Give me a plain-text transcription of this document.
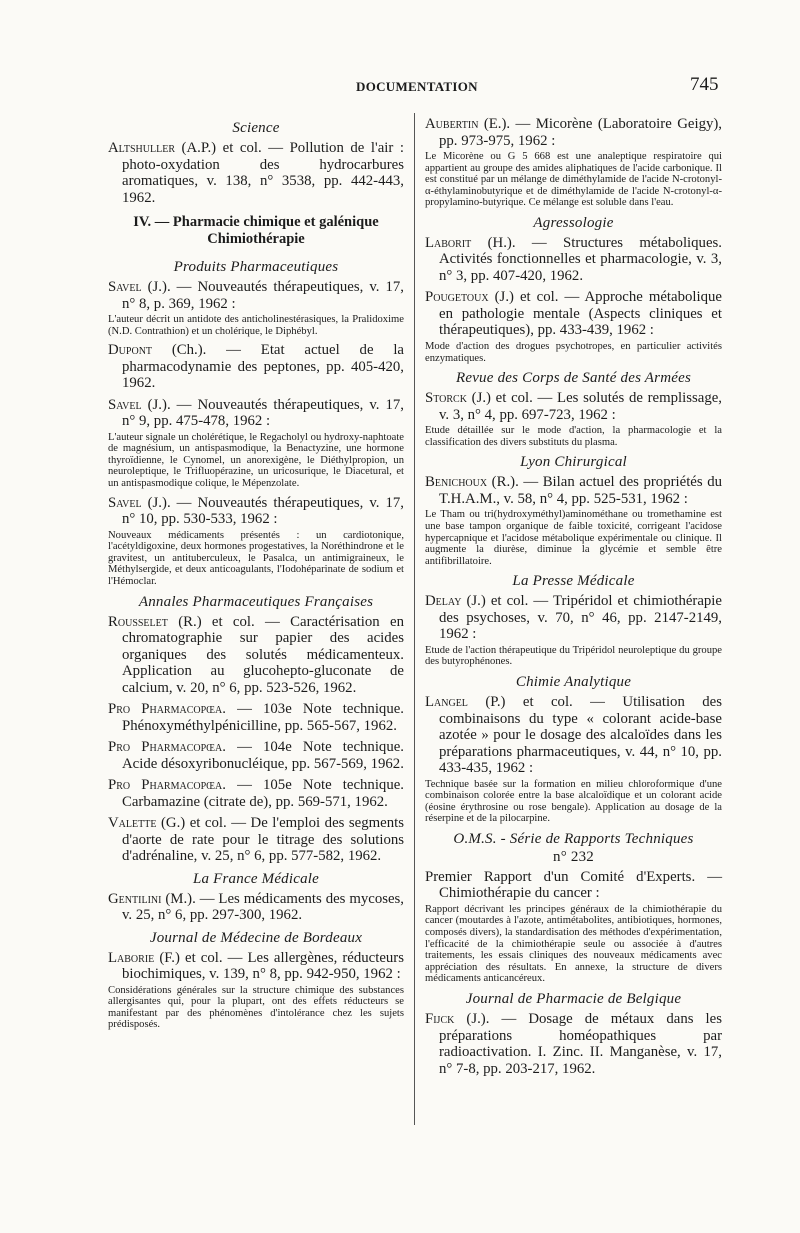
DOCUMENTATION	745
Science
Altshuller (A.P.) et col. — Pollution de l'air : photo-oxydation des hydrocarbures aromatiques, v. 138, n° 3538, pp. 442-443, 1962.
IV. — Pharmacie chimique et galénique
Chimiothérapie
Produits Pharmaceutiques
Savel (J.). — Nouveautés thérapeutiques, v. 17, n° 8, p. 369, 1962 :
L'auteur décrit un antidote des anticholinestérasiques, la Pralidoxime (N.D. Contrathion) et un cholérique, le Diphébyl.
Dupont (Ch.). — Etat actuel de la pharmacodynamie des peptones, pp. 405-420, 1962.
Savel (J.). — Nouveautés thérapeutiques, v. 17, n° 9, pp. 475-478, 1962 :
L'auteur signale un cholérétique, le Regacholyl ou hydroxy-naphtoate de magnésium, un antispasmodique, la Benactyzine, une hormone thyroïdienne, le Cynomel, un anorexigène, le Diéthylpropion, un neuroleptique, le Trifluopérazine, un uricosurique, le Diacetural, et un antispasmodique colique, le Mépenzolate.
Savel (J.). — Nouveautés thérapeutiques, v. 17, n° 10, pp. 530-533, 1962 :
Nouveaux médicaments présentés : un cardiotonique, l'acétyldigoxine, deux hormones progestatives, la Noréthindrone et le gravitest, un antituberculeux, le Pasalca, un antimigraineux, le Méthylsergide, et deux anticoagulants, l'Iodohéparinate de sodium et l'Hémoclar.
Annales Pharmaceutiques Françaises
Rousselet (R.) et col. — Caractérisation en chromatographie sur papier des acides organiques des solutés médicamenteux. Application au glucohepto-gluconate de calcium, v. 20, n° 6, pp. 523-526, 1962.
Pro Pharmacopœa. — 103e Note technique. Phénoxyméthylpénicilline, pp. 565-567, 1962.
Pro Pharmacopœa. — 104e Note technique. Acide désoxyribonucléique, pp. 567-569, 1962.
Pro Pharmacopœa. — 105e Note technique. Carbamazine (citrate de), pp. 569-571, 1962.
Valette (G.) et col. — De l'emploi des segments d'aorte de rate pour le titrage des solutions d'adrénaline, v. 25, n° 6, pp. 577-582, 1962.
La France Médicale
Gentilini (M.). — Les médicaments des mycoses, v. 25, n° 6, pp. 297-300, 1962.
Journal de Médecine de Bordeaux
Laborie (F.) et col. — Les allergènes, réducteurs biochimiques, v. 139, n° 8, pp. 942-950, 1962 :
Considérations générales sur la structure chimique des substances allergisantes qui, pour la plupart, ont des effets réducteurs se manifestant par des phénomènes d'intolérance chez les sujets prédisposés.
Aubertin (E.). — Micorène (Laboratoire Geigy), pp. 973-975, 1962 :
Le Micorène ou G 5 668 est une analeptique respiratoire qui appartient au groupe des amides aliphatiques de l'acide carbonique. Il est constitué par un mélange de diméthylamide de l'acide N-crotonyl-α-éthylaminobutyrique et de diméthylamide de l'acide N-crotonyl-α-propylamino-butyrique. Ce mélange est soluble dans l'eau.
Agressologie
Laborit (H.). — Structures métaboliques. Activités fonctionnelles et pharmacologie, v. 3, n° 3, pp. 407-420, 1962.
Pougetoux (J.) et col. — Approche métabolique en pathologie mentale (Aspects cliniques et thérapeutiques), pp. 433-439, 1962 :
Mode d'action des drogues psychotropes, en particulier activités enzymatiques.
Revue des Corps de Santé des Armées
Storck (J.) et col. — Les solutés de remplissage, v. 3, n° 4, pp. 697-723, 1962 :
Etude détaillée sur le mode d'action, la pharmacologie et la classification des divers substituts du plasma.
Lyon Chirurgical
Benichoux (R.). — Bilan actuel des propriétés du T.H.A.M., v. 58, n° 4, pp. 525-531, 1962 :
Le Tham ou tri(hydroxyméthyl)aminométhane ou tromethamine est une base tampon organique de faible toxicité, corrigeant l'acidose hypercapnique et l'acidose métabolique expérimentale ou clinique. Il augmente la diurèse, diminue la glycémie et semble être antifibrillatoire.
La Presse Médicale
Delay (J.) et col. — Tripéridol et chimiothérapie des psychoses, v. 70, n° 46, pp. 2147-2149, 1962 :
Etude de l'action thérapeutique du Tripéridol neuroleptique du groupe des butyrophénones.
Chimie Analytique
Langel (P.) et col. — Utilisation des combinaisons du type « colorant acide-base azotée » pour le dosage des alcaloïdes dans les préparations pharmaceutiques, v. 44, n° 10, pp. 433-435, 1962 :
Technique basée sur la formation en milieu chloroformique d'une combinaison colorée entre la base alcaloïdique et un colorant acide (éosine érythrosine ou rose bengale). Application au dosage de la réserpine et de la pilocarpine.
O.M.S. - Série de Rapports Techniques
n° 232
Premier Rapport d'un Comité d'Experts. — Chimiothérapie du cancer :
Rapport décrivant les principes généraux de la chimiothérapie du cancer (moutardes à l'azote, antimétabolites, antibiotiques, hormones, composés divers), la standardisation des méthodes d'expérimentation, l'efficacité de la chimiothérapie seule ou associée à d'autres traitements, les essais cliniques des nouveaux médicaments avec appréciation des résultats. En annexe, la structure de divers médicaments anticancéreux.
Journal de Pharmacie de Belgique
Fijck (J.). — Dosage de métaux dans les préparations homéopathiques par radioactivation. I. Zinc. II. Manganèse, v. 17, n° 7-8, pp. 203-217, 1962.
